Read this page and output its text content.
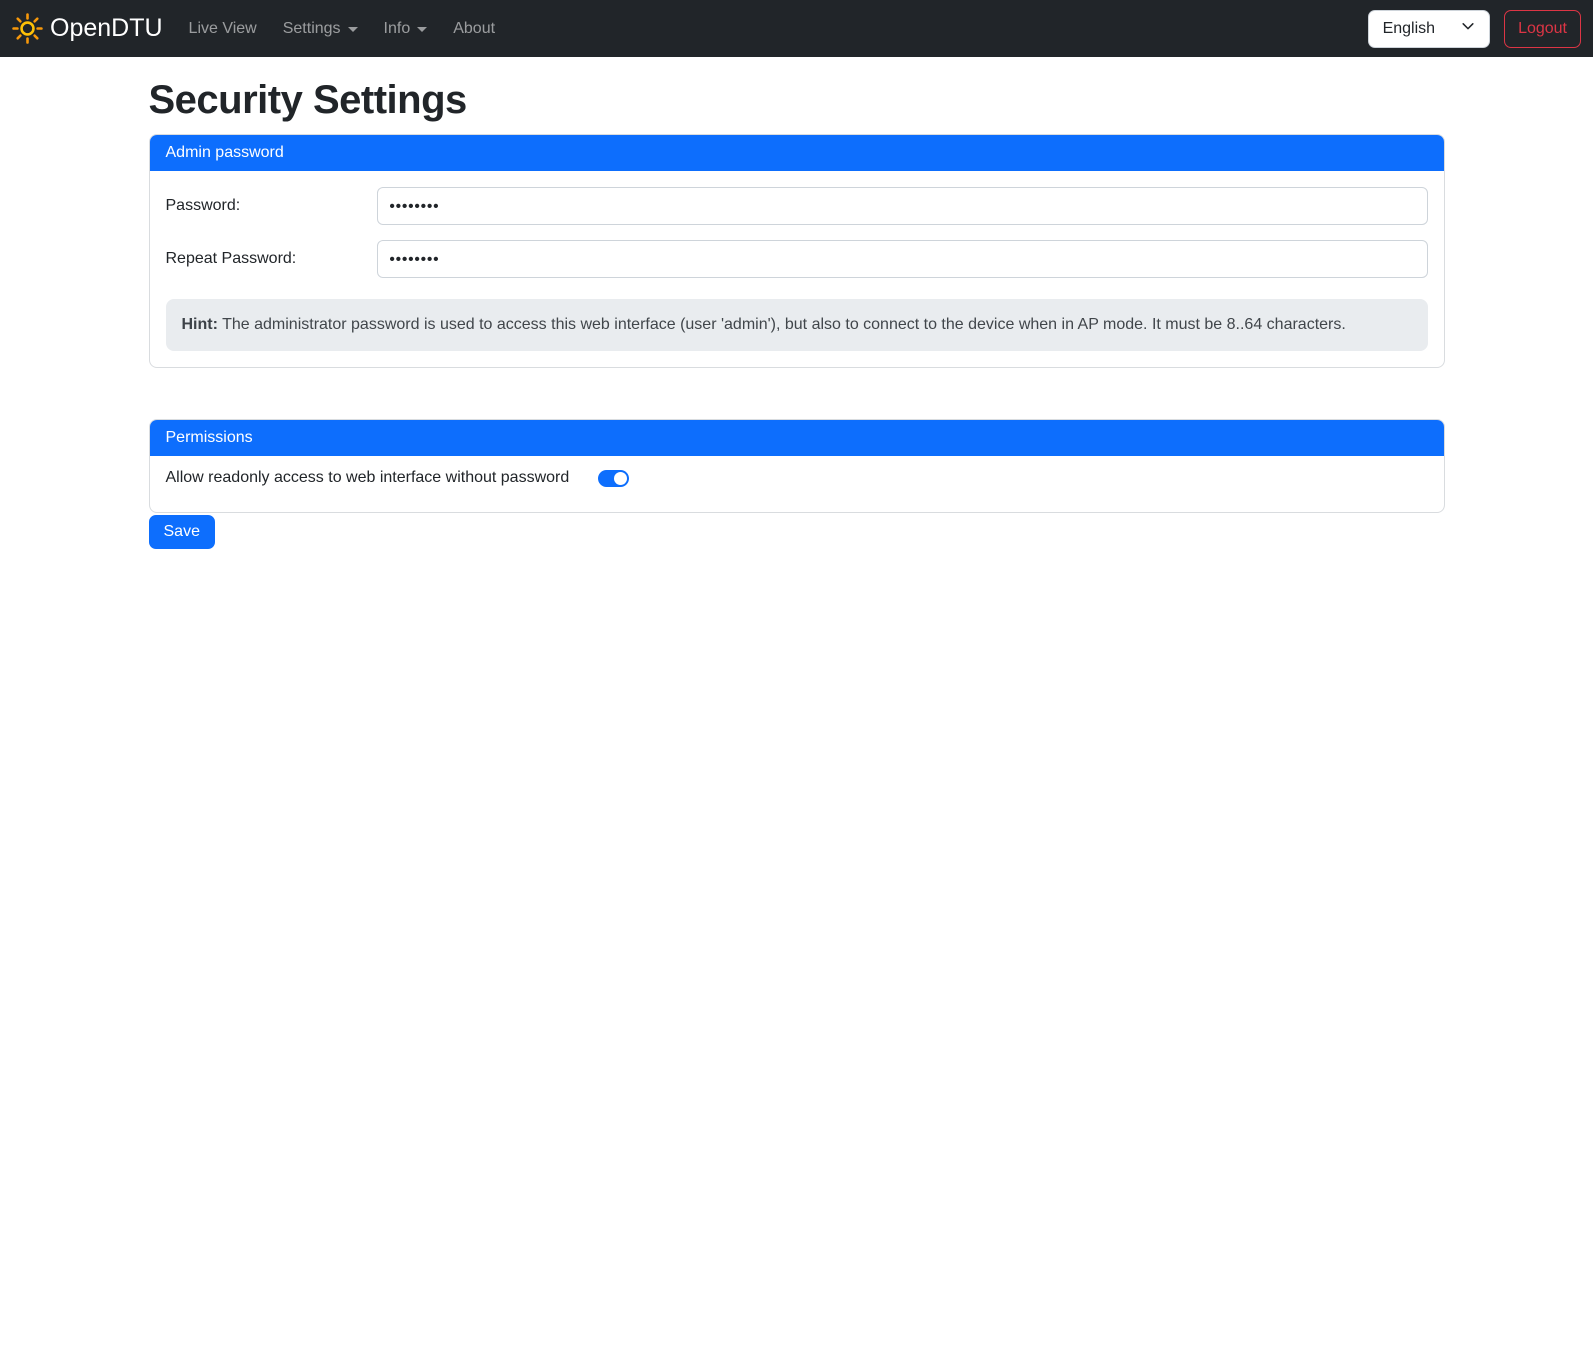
OpenDTU Live View Settings	Info	About	English	Logout
Security Settings
Admin password
Password:
••••••••
Repeat Password:
••••••••
Hint: The administrator password is used to access this web interface (user 'admin'), but also to connect to the device when in AP mode. It must be 8..64 characters.
Permissions
Allow readonly access to web interface without password
Save
